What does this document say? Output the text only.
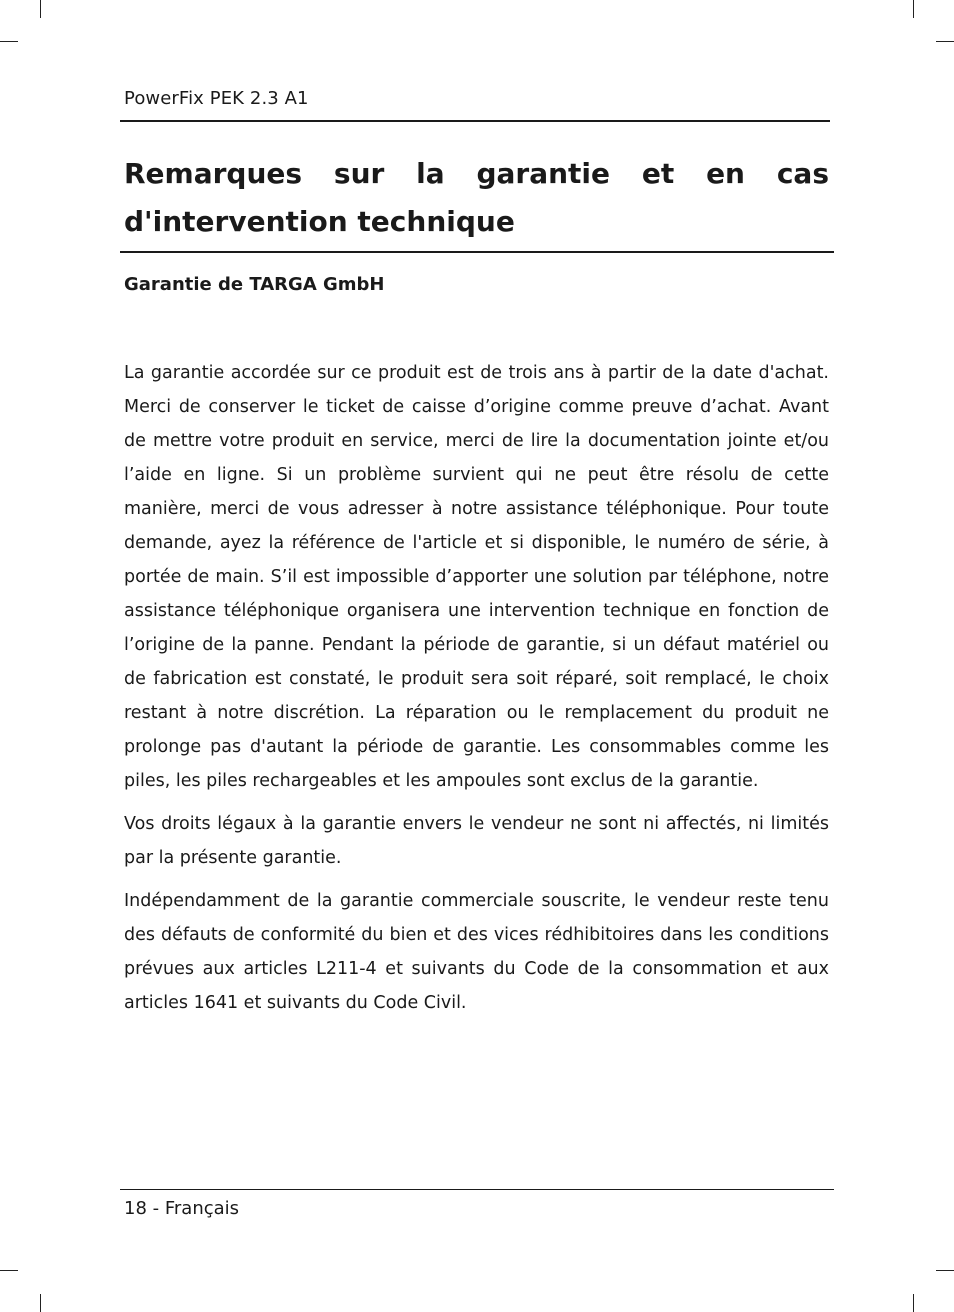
PowerFix PEK 2.3 A1
Remarques sur la garantie et en cas d'intervention technique
Garantie de TARGA GmbH

La garantie accordée sur ce produit est de trois ans à partir de la date d'achat. Merci de conserver le ticket de caisse d’origine comme preuve d’achat. Avant de mettre votre produit en service, merci de lire la documentation jointe et/ou l’aide en ligne. Si un problème survient qui ne peut être résolu de cette manière, merci de vous adresser à notre assistance téléphonique. Pour toute demande, ayez la référence de l'article et si disponible, le numéro de série, à portée de main. S’il est impossible d’apporter une solution par téléphone, notre assistance téléphonique organisera une intervention technique en fonction de l’origine de la panne. Pendant la période de garantie, si un défaut matériel ou de fabrication est constaté, le produit sera soit réparé, soit remplacé, le choix restant à notre discrétion. La réparation ou le remplacement du produit ne prolonge pas d'autant la période de garantie. Les consommables comme les piles, les piles rechargeables et les ampoules sont exclus de la garantie.

Vos droits légaux à la garantie envers le vendeur ne sont ni affectés, ni limités par la présente garantie.

Indépendamment de la garantie commerciale souscrite, le vendeur reste tenu des défauts de conformité du bien et des vices rédhibitoires dans les conditions prévues aux articles L211-4 et suivants du Code de la consommation et aux articles 1641 et suivants du Code Civil.

18 - Français
